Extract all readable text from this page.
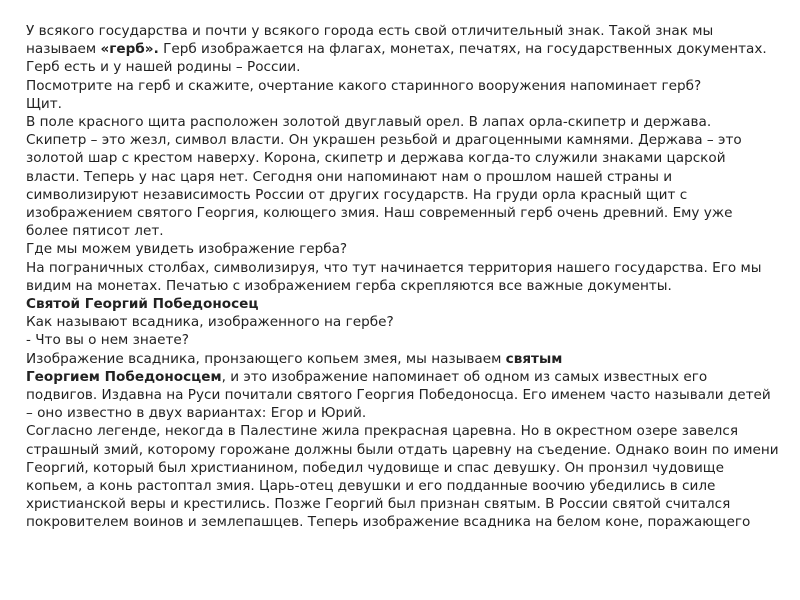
У всякого государства и почти у всякого города есть свой отличительный знак. Такой знак мы

называем «герб». Герб изображается на флагах, монетах, печатях, на государственных документах.

Герб есть и у нашей родины – России.

Посмотрите на герб и скажите, очертание какого старинного вооружения напоминает герб?

Щит.

В поле красного щита расположен золотой двуглавый орел. В лапах орла-скипетр и держава.

Скипетр – это жезл, символ власти. Он украшен резьбой и драгоценными камнями. Держава – это

золотой шар с крестом наверху. Корона, скипетр и держава когда-то служили знаками царской

власти. Теперь у нас царя нет. Сегодня они напоминают нам о прошлом нашей страны и

символизируют независимость России от других государств. На груди орла красный щит с

изображением святого Георгия, колющего змия. Наш современный герб очень древний. Ему уже

более пятисот лет.

Где мы можем увидеть изображение герба?

На пограничных столбах, символизируя, что тут начинается территория нашего государства. Его мы

видим на монетах. Печатью с изображением герба скрепляются все важные документы.

Святой Георгий Победоносец

Как называют всадника, изображенного на гербе?

- Что вы о нем знаете?

Изображение всадника, пронзающего копьем змея, мы называем святым

Георгием Победоносцем, и это изображение напоминает об одном из самых известных его

подвигов. Издавна на Руси почитали святого Георгия Победоносца. Его именем часто называли детей

– оно известно в двух вариантах: Егор и Юрий.

Согласно легенде, некогда в Палестине жила прекрасная царевна. Но в окрестном озере завелся

страшный змий, которому горожане должны были отдать царевну на съедение. Однако воин по имени

Георгий, который был христианином, победил чудовище и спас девушку. Он пронзил чудовище

копьем, а конь растоптал змия. Царь-отец девушки и его подданные воочию убедились в силе

христианской веры и крестились. Позже Георгий был признан святым. В России святой считался

покровителем воинов и землепашцев. Теперь изображение всадника на белом коне, поражающего
